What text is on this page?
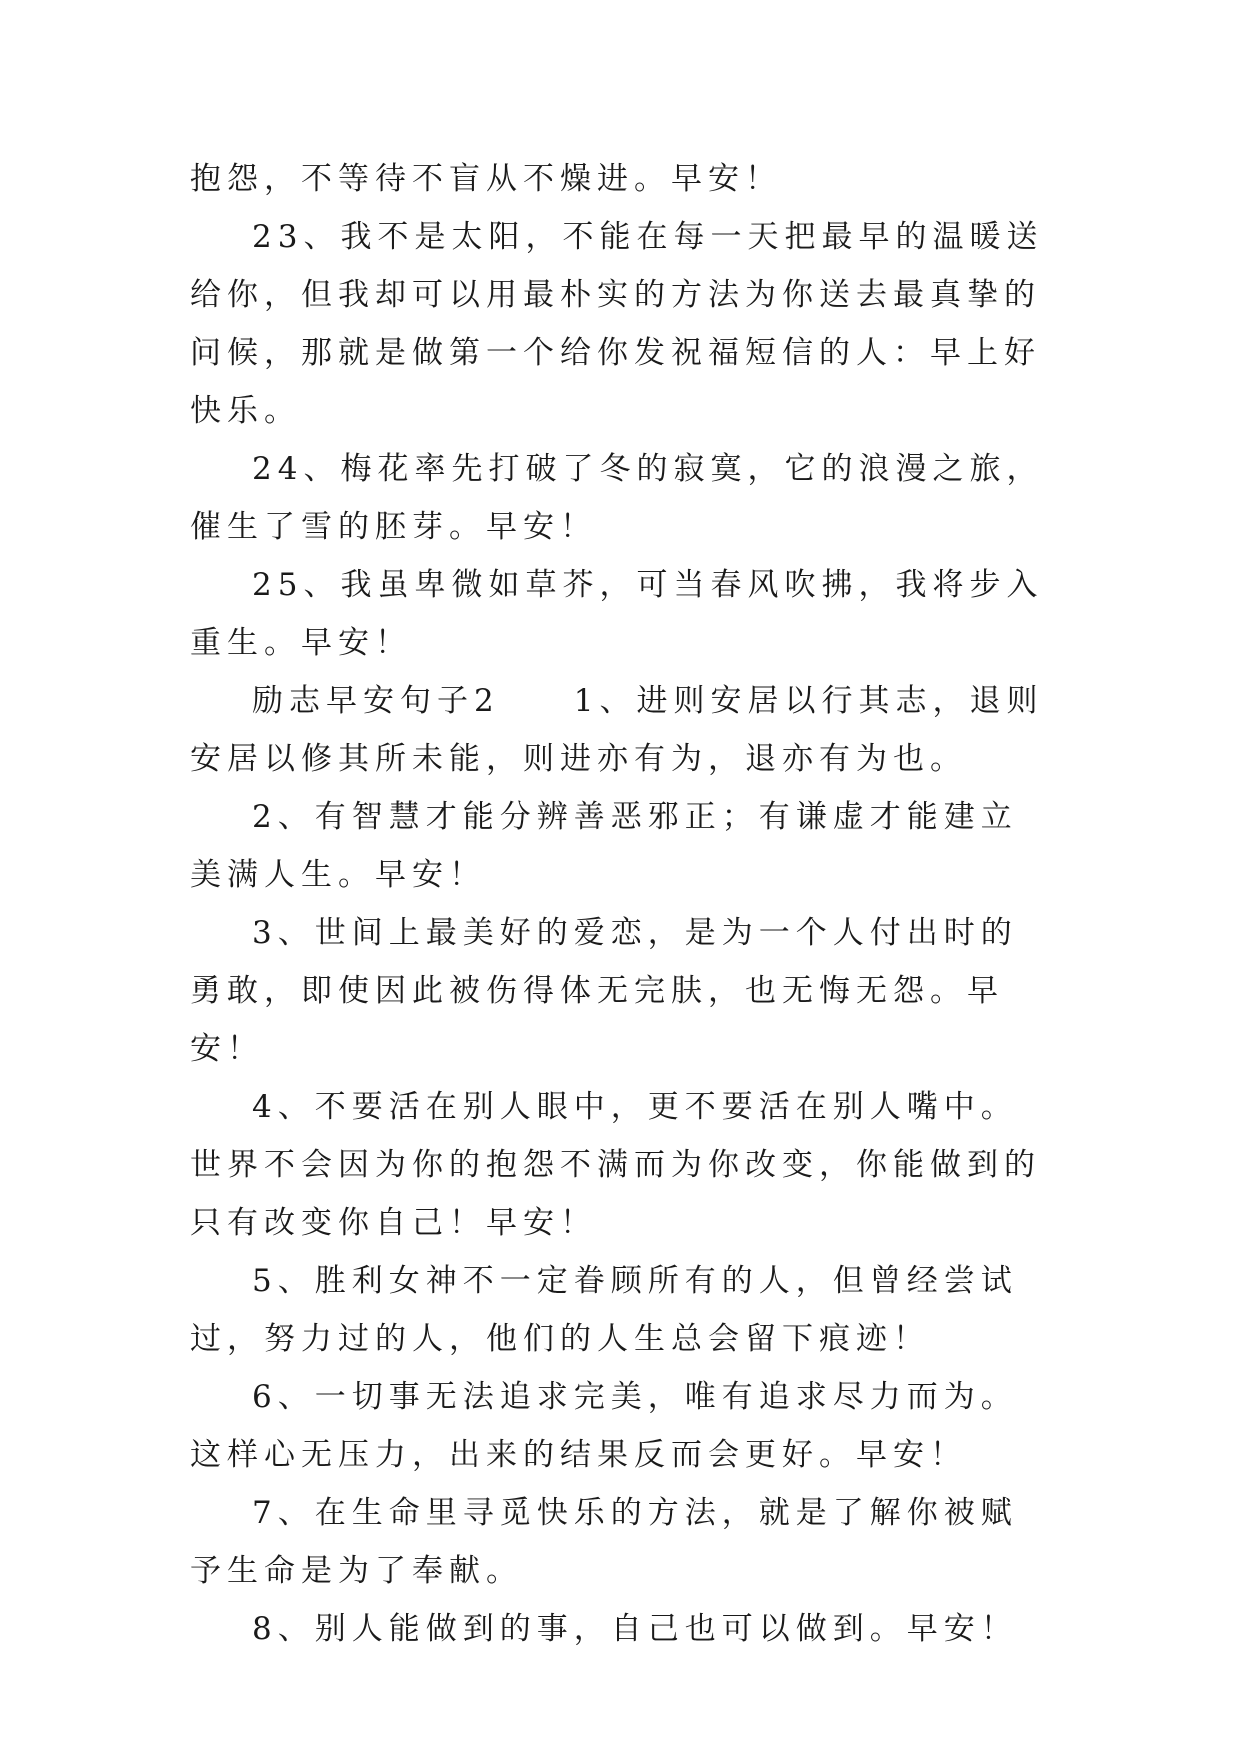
抱怨，不等待不盲从不燥进。早安！

23、我不是太阳，不能在每一天把最早的温暖送给你，但我却可以用最朴实的方法为你送去最真挚的问候，那就是做第一个给你发祝福短信的人：早上好快乐。

24、梅花率先打破了冬的寂寞，它的浪漫之旅，催生了雪的胚芽。早安！

25、我虽卑微如草芥，可当春风吹拂，我将步入重生。早安！

励志早安句子2　　1、进则安居以行其志，退则安居以修其所未能，则进亦有为，退亦有为也。

2、有智慧才能分辨善恶邪正；有谦虚才能建立美满人生。早安！

3、世间上最美好的爱恋，是为一个人付出时的勇敢，即使因此被伤得体无完肤，也无悔无怨。早安！

4、不要活在别人眼中，更不要活在别人嘴中。世界不会因为你的抱怨不满而为你改变，你能做到的只有改变你自己！早安！

5、胜利女神不一定眷顾所有的人，但曾经尝试过，努力过的人，他们的人生总会留下痕迹！

6、一切事无法追求完美，唯有追求尽力而为。这样心无压力，出来的结果反而会更好。早安！

7、在生命里寻觅快乐的方法，就是了解你被赋予生命是为了奉献。

8、别人能做到的事，自己也可以做到。早安！
